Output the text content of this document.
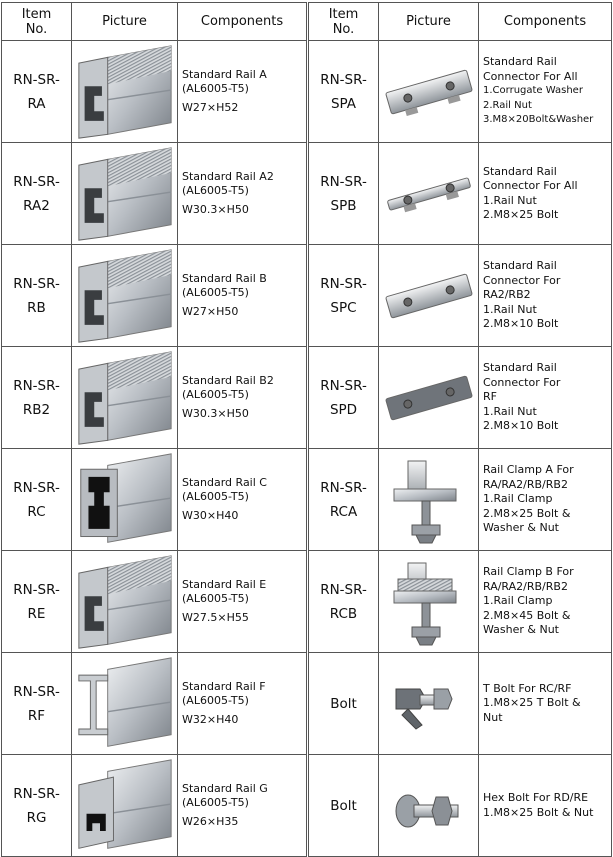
Item
No.	Picture	Components
RN-SR-
RA		Standard Rail A
(AL6005-T5)
W27×H52

RN-SR-
RA2		Standard Rail A2
(AL6005-T5)
W30.3×H50

RN-SR-
RB		Standard Rail B
(AL6005-T5)
W27×H50

RN-SR-
RB2		Standard Rail B2
(AL6005-T5)
W30.3×H50

RN-SR-
RC		Standard Rail C
(AL6005-T5)
W30×H40

RN-SR-
RE		Standard Rail E
(AL6005-T5)
W27.5×H55

RN-SR-
RF		Standard Rail F
(AL6005-T5)
W32×H40

RN-SR-
RG		Standard Rail G
(AL6005-T5)
W26×H35
Item
No.	Picture	Components
RN-SR-
SPA		Standard Rail
Connector For All
1.Corrugate Washer
2.Rail Nut
3.M8×20Bolt&Washer

RN-SR-
SPB		Standard Rail
Connector For All
1.Rail Nut
2.M8×25 Bolt

RN-SR-
SPC		Standard Rail
Connector For
RA2/RB2
1.Rail Nut
2.M8×10 Bolt

RN-SR-
SPD		Standard Rail
Connector For
RF
1.Rail Nut
2.M8×10 Bolt

RN-SR-
RCA		Rail Clamp A For
RA/RA2/RB/RB2
1.Rail Clamp
2.M8×25 Bolt &
Washer & Nut

RN-SR-
RCB		Rail Clamp B For
RA/RA2/RB/RB2
1.Rail Clamp
2.M8×45 Bolt &
Washer & Nut

Bolt		T Bolt For RC/RF
1.M8×25 T Bolt &
Nut

Bolt		Hex Bolt For RD/RE
1.M8×25 Bolt & Nut
